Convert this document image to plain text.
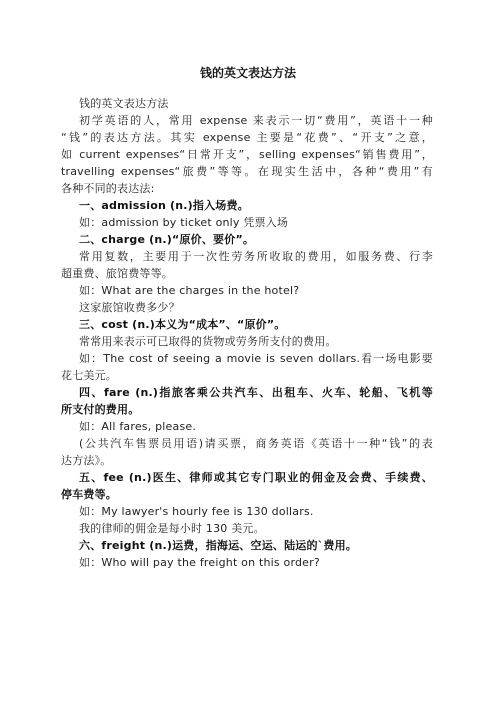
钱的英文表达方法
钱的英文表达方法
初学英语的人，常用 expense 来表示一切“费用”，英语十一种
“钱”的表达方法。其实 expense 主要是“花费”、“开支”之意，
如 current expenses“日常开支”，selling expenses“销售费用”，
travelling expenses“旅费”等等。在现实生活中，各种“费用”有
各种不同的表达法:
一、admission (n.)指入场费。
如：admission by ticket only 凭票入场
二、charge (n.)“原价、要价”。
常用复数，主要用于一次性劳务所收取的费用，如服务费、行李
超重费、旅馆费等等。
如：What are the charges in the hotel?
这家旅馆收费多少？
三、cost (n.)本义为“成本”、“原价”。
常常用来表示可已取得的货物或劳务所支付的费用。
如：The cost of seeing a movie is seven dollars.看一场电影要
花七美元。
四、fare (n.)指旅客乘公共汽车、出租车、火车、轮船、飞机等
所支付的费用。
如：All fares, please.
(公共汽车售票员用语)请买票，商务英语《英语十一种“钱”的表
达方法》。
五、fee (n.)医生、律师或其它专门职业的佣金及会费、手续费、
停车费等。
如：My lawyer's hourly fee is 130 dollars.
我的律师的佣金是每小时 130 美元。
六、freight (n.)运费，指海运、空运、陆运的`费用。
如：Who will pay the freight on this order?
